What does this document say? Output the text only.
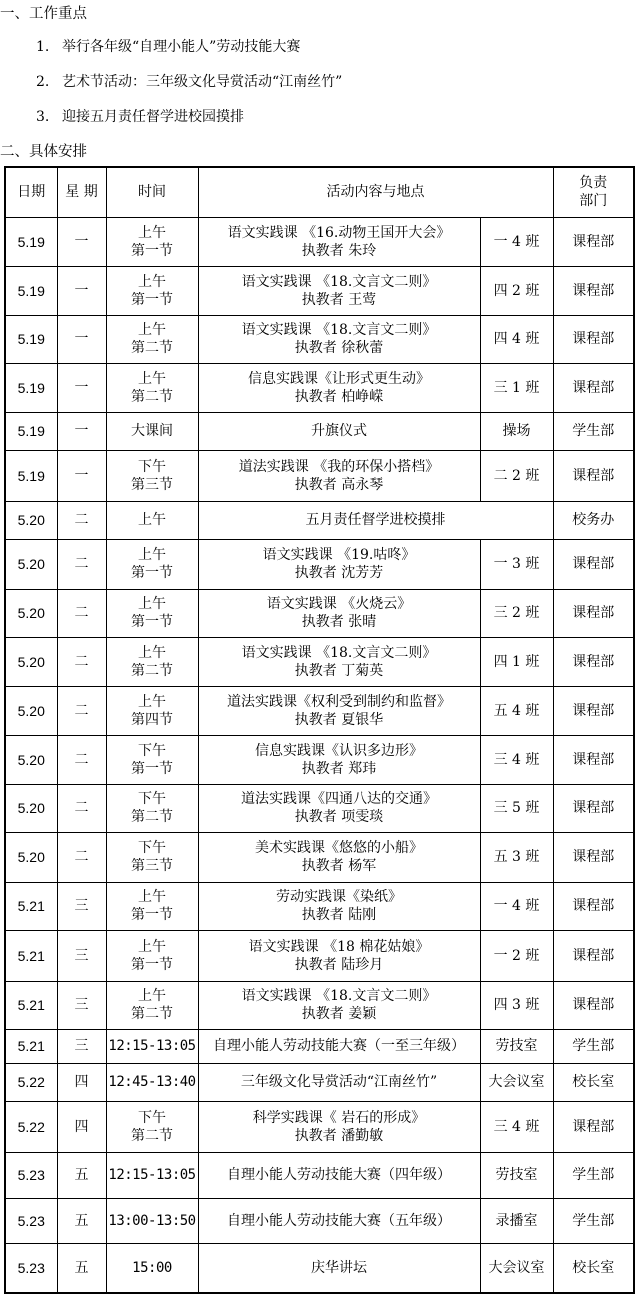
一、工作重点
1. 举行各年级“自理小能人”劳动技能大赛
2. 艺术节活动：三年级文化导赏活动“江南丝竹”
3. 迎接五月责任督学进校园摸排
二、具体安排
日期	星 期	时间	活动内容与地点		负责
部门

5.19	一	上午
第一节	语文实践课 《16.动物王国开大会》
执教者 朱玲	一 4 班	课程部
5.19	一	上午
第一节	语文实践课 《18.文言文二则》
执教者 王莺	四 2 班	课程部
5.19	一	上午
第二节	语文实践课 《18.文言文二则》
执教者 徐秋蕾	四 4 班	课程部
5.19	一	上午
第二节	信息实践课《让形式更生动》
执教者 柏峥嵘	三 1 班	课程部
5.19	一	大课间	升旗仪式	操场	学生部
5.19	一	下午
第三节	道法实践课 《我的环保小搭档》
执教者 高永琴	二 2 班	课程部
5.20	二	上午	五月责任督学进校摸排		校务办
5.20	二	上午
第一节	语文实践课 《19.咕咚》
执教者 沈芳芳	一 3 班	课程部
5.20	二	上午
第一节	语文实践课 《火烧云》
执教者 张晴	三 2 班	课程部
5.20	二	上午
第二节	语文实践课 《18.文言文二则》
执教者 丁菊英	四 1 班	课程部
5.20	二	上午
第四节	道法实践课《权利受到制约和监督》
执教者 夏银华	五 4 班	课程部
5.20	二	下午
第一节	信息实践课《认识多边形》
执教者 郑玮	三 4 班	课程部
5.20	二	下午
第二节	道法实践课《四通八达的交通》
执教者 项雯琰	三 5 班	课程部
5.20	二	下午
第三节	美术实践课《悠悠的小船》
执教者 杨军	五 3 班	课程部
5.21	三	上午
第一节	劳动实践课《染纸》
执教者 陆刚	一 4 班	课程部
5.21	三	上午
第一节	语文实践课 《18 棉花姑娘》
执教者 陆珍月	一 2 班	课程部
5.21	三	上午
第二节	语文实践课 《18.文言文二则》
执教者 姜颖	四 3 班	课程部
5.21	三	12:15-13:05	自理小能人劳动技能大赛（一至三年级）	劳技室	学生部
5.22	四	12:45-13:40	三年级文化导赏活动“江南丝竹”	大会议室	校长室
5.22	四	下午
第二节	科学实践课《 岩石的形成》
执教者 潘勤敏	三 4 班	课程部
5.23	五	12:15-13:05	自理小能人劳动技能大赛（四年级）	劳技室	学生部
5.23	五	13:00-13:50	自理小能人劳动技能大赛（五年级）	录播室	学生部
5.23	五	15:00	庆华讲坛	大会议室	校长室
